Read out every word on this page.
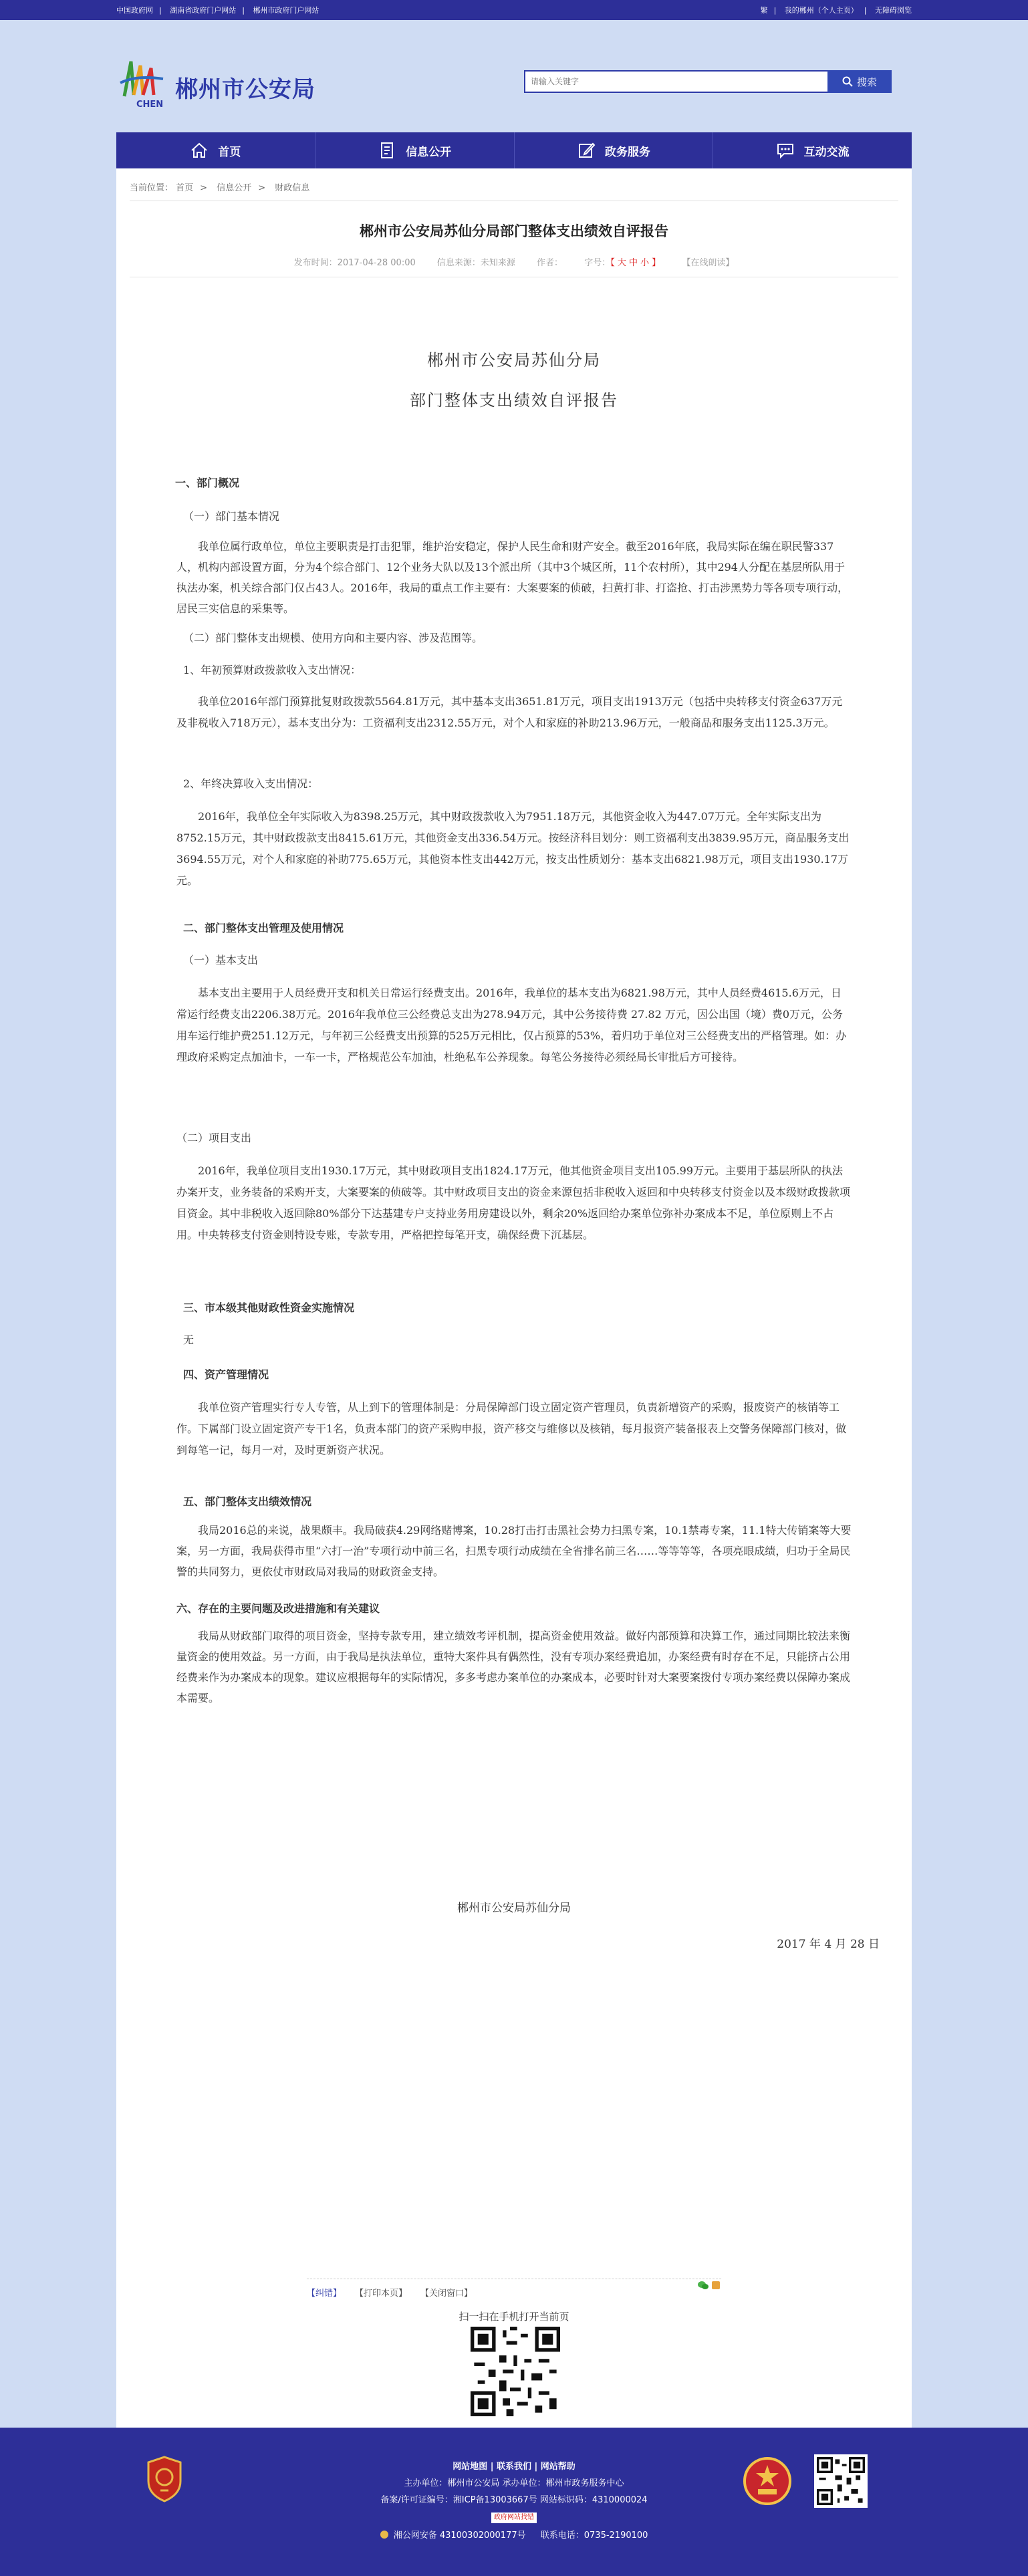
中国政府网 | 湖南省政府门户网站 | 郴州市政府门户网站	繁 | 我的郴州（个人主页） | 无障碍浏览
CHEN
郴州市公安局
请输入关键字	搜索
首页	信息公开	政务服务	互动交流
当前位置： 首页 > 信息公开 > 财政信息
郴州市公安局苏仙分局部门整体支出绩效自评报告
发布时间：2017-04-28 00:00 信息来源：未知来源 作者： 字号：【 大 中 小 】 【在线朗读】
郴州市公安局苏仙分局
部门整体支出绩效自评报告
一、部门概况
（一）部门基本情况
我单位属行政单位，单位主要职责是打击犯罪，维护治安稳定，保护人民生命和财产安全。截至2016年底，我局实际在编在职民警337人，机构内部设置方面，分为4个综合部门、12个业务大队以及13个派出所（其中3个城区所，11个农村所），其中294人分配在基层所队用于执法办案，机关综合部门仅占43人。2016年，我局的重点工作主要有：大案要案的侦破，扫黄打非、打盗抢、打击涉黑势力等各项专项行动，居民三实信息的采集等。
（二）部门整体支出规模、使用方向和主要内容、涉及范围等。
1、年初预算财政拨款收入支出情况：
我单位2016年部门预算批复财政拨款5564.81万元，其中基本支出3651.81万元，项目支出1913万元（包括中央转移支付资金637万元及非税收入718万元），基本支出分为：工资福利支出2312.55万元，对个人和家庭的补助213.96万元，一般商品和服务支出1125.3万元。
2、年终决算收入支出情况：
2016年，我单位全年实际收入为8398.25万元，其中财政拨款收入为7951.18万元，其他资金收入为447.07万元。全年实际支出为8752.15万元，其中财政拨款支出8415.61万元，其他资金支出336.54万元。按经济科目划分：则工资福利支出3839.95万元，商品服务支出3694.55万元，对个人和家庭的补助775.65万元，其他资本性支出442万元，按支出性质划分：基本支出6821.98万元，项目支出1930.17万元。
二、部门整体支出管理及使用情况
（一）基本支出
基本支出主要用于人员经费开支和机关日常运行经费支出。2016年，我单位的基本支出为6821.98万元，其中人员经费4615.6万元，日常运行经费支出2206.38万元。2016年我单位三公经费总支出为278.94万元，其中公务接待费 27.82 万元，因公出国（境）费0万元，公务用车运行维护费251.12万元，与年初三公经费支出预算的525万元相比，仅占预算的53%，着归功于单位对三公经费支出的严格管理。如：办理政府采购定点加油卡，一车一卡，严格规范公车加油，杜绝私车公养现象。每笔公务接待必须经局长审批后方可接待。
（二）项目支出
2016年，我单位项目支出1930.17万元，其中财政项目支出1824.17万元，他其他资金项目支出105.99万元。主要用于基层所队的执法办案开支，业务装备的采购开支，大案要案的侦破等。其中财政项目支出的资金来源包括非税收入返回和中央转移支付资金以及本级财政拨款项目资金。其中非税收入返回除80%部分下达基建专户支持业务用房建设以外，剩余20%返回给办案单位弥补办案成本不足，单位原则上不占用。中央转移支付资金则特设专账，专款专用，严格把控每笔开支，确保经费下沉基层。
三、市本级其他财政性资金实施情况
无
四、资产管理情况
我单位资产管理实行专人专管，从上到下的管理体制是：分局保障部门设立固定资产管理员，负责新增资产的采购，报废资产的核销等工作。下属部门设立固定资产专干1名，负责本部门的资产采购申报，资产移交与维修以及核销，每月报资产装备报表上交警务保障部门核对，做到每笔一记，每月一对，及时更新资产状况。
五、部门整体支出绩效情况
我局2016总的来说，战果颇丰。我局破获4.29网络赌博案，10.28打击打击黑社会势力扫黑专案，10.1禁毒专案，11.1特大传销案等大要案，另一方面，我局获得市里“六打一治”专项行动中前三名，扫黑专项行动成绩在全省排名前三名……等等等等，各项亮眼成绩，归功于全局民警的共同努力，更依仗市财政局对我局的财政资金支持。
六、存在的主要问题及改进措施和有关建议
我局从财政部门取得的项目资金，坚持专款专用，建立绩效考评机制，提高资金使用效益。做好内部预算和决算工作，通过同期比较法来衡量资金的使用效益。另一方面，由于我局是执法单位，重特大案件具有偶然性，没有专项办案经费追加，办案经费有时存在不足，只能挤占公用经费来作为办案成本的现象。建议应根据每年的实际情况，多多考虑办案单位的办案成本，必要时针对大案要案拨付专项办案经费以保障办案成本需要。
郴州市公安局苏仙分局
2017 年 4 月 28 日
【纠错】 【打印本页】 【关闭窗口】

扫一扫在手机打开当前页
网站地图 | 联系我们 | 网站帮助
主办单位：郴州市公安局 承办单位：郴州市政务服务中心
备案/许可证编号：湘ICP备13003667号 网站标识码：4310000024
政府网站找错
湘公网安备 43100302000177号 联系电话：0735-2190100
